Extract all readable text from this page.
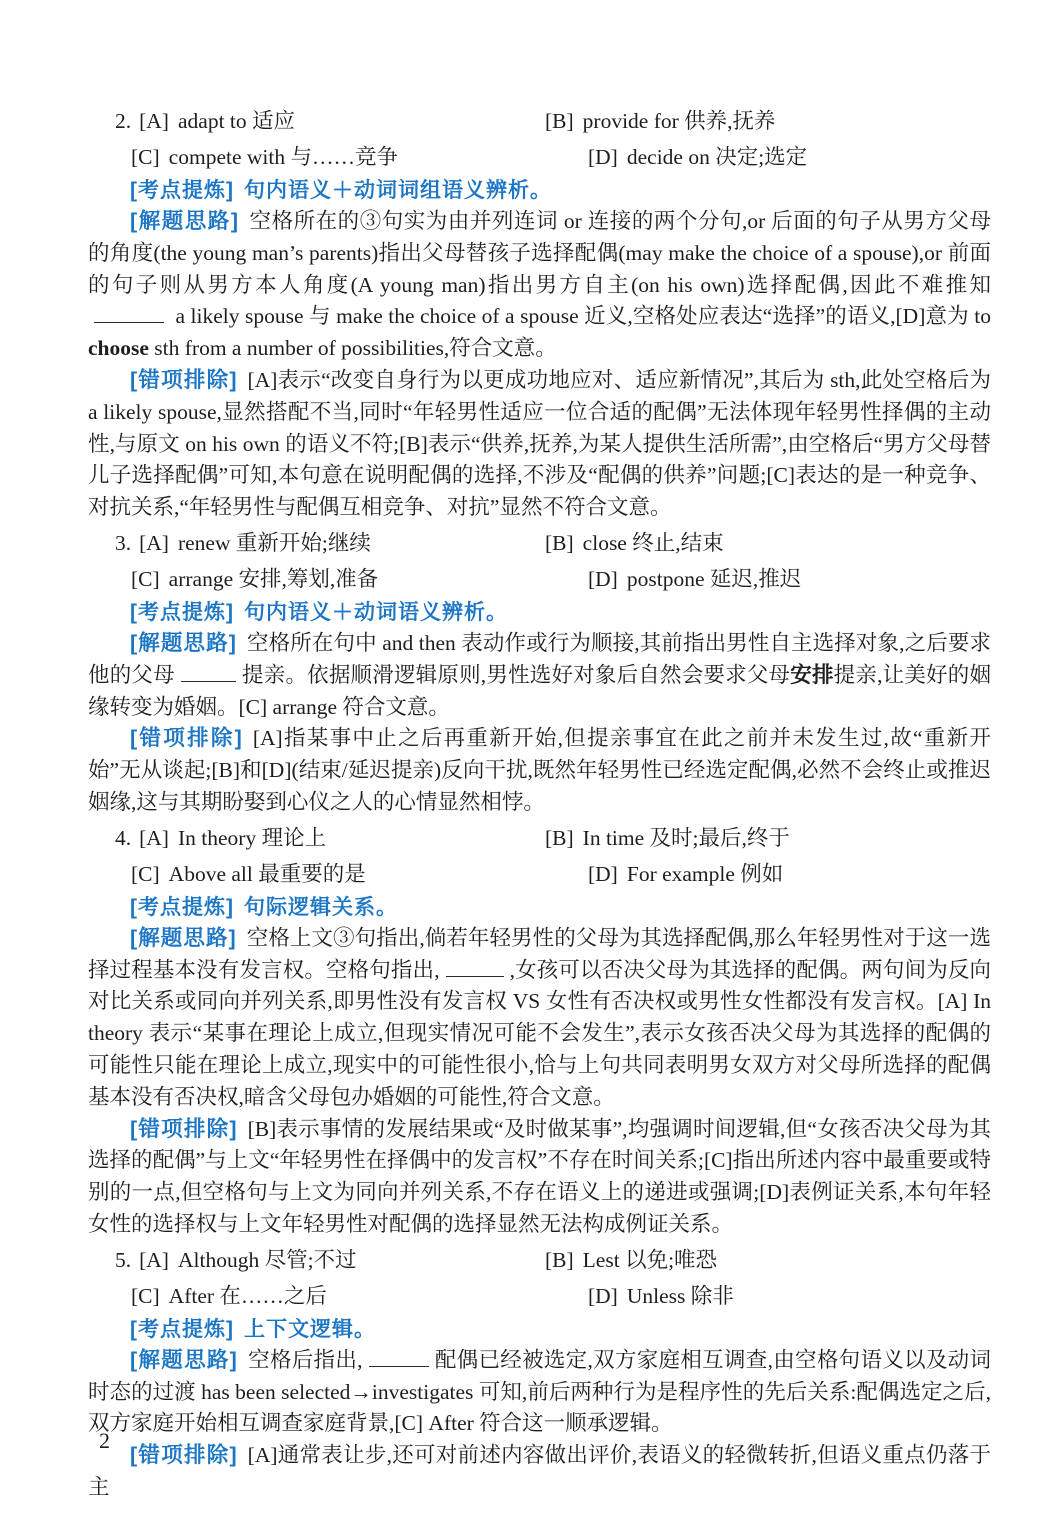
2. [A] adapt to 适应	[B] provide for 供养,抚养
[C] compete with 与……竞争	[D] decide on 决定;选定

[考点提炼] 句内语义＋动词词组语义辨析。

[解题思路] 空格所在的③句实为由并列连词 or 连接的两个分句,or 后面的句子从男方父母的角度(the young man’s parents)指出父母替孩子选择配偶(may make the choice of a spouse),or 前面的句子则从男方本人角度(A young man)指出男方自主(on his own)选择配偶,因此不难推知 a likely spouse 与 make the choice of a spouse 近义,空格处应表达“选择”的语义,[D]意为 to choose sth from a number of possibilities,符合文意。

[错项排除] [A]表示“改变自身行为以更成功地应对、适应新情况”,其后为 sth,此处空格后为 a likely spouse,显然搭配不当,同时“年轻男性适应一位合适的配偶”无法体现年轻男性择偶的主动性,与原文 on his own 的语义不符;[B]表示“供养,抚养,为某人提供生活所需”,由空格后“男方父母替儿子选择配偶”可知,本句意在说明配偶的选择,不涉及“配偶的供养”问题;[C]表达的是一种竞争、对抗关系,“年轻男性与配偶互相竞争、对抗”显然不符合文意。

3. [A] renew 重新开始;继续	[B] close 终止,结束
[C] arrange 安排,筹划,准备	[D] postpone 延迟,推迟

[考点提炼] 句内语义＋动词语义辨析。

[解题思路] 空格所在句中 and then 表动作或行为顺接,其前指出男性自主选择对象,之后要求他的父母	提亲。依据顺滑逻辑原则,男性选好对象后自然会要求父母安排提亲,让美好的姻缘转变为婚姻。[C] arrange 符合文意。

[错项排除] [A]指某事中止之后再重新开始,但提亲事宜在此之前并未发生过,故“重新开始”无从谈起;[B]和[D](结束/延迟提亲)反向干扰,既然年轻男性已经选定配偶,必然不会终止或推迟姻缘,这与其期盼娶到心仪之人的心情显然相悖。

4. [A] In theory 理论上	[B] In time 及时;最后,终于
[C] Above all 最重要的是	[D] For example 例如

[考点提炼] 句际逻辑关系。

[解题思路] 空格上文③句指出,倘若年轻男性的父母为其选择配偶,那么年轻男性对于这一选择过程基本没有发言权。空格句指出,	,女孩可以否决父母为其选择的配偶。两句间为反向对比关系或同向并列关系,即男性没有发言权 VS 女性有否决权或男性女性都没有发言权。[A] In theory 表示“某事在理论上成立,但现实情况可能不会发生”,表示女孩否决父母为其选择的配偶的可能性只能在理论上成立,现实中的可能性很小,恰与上句共同表明男女双方对父母所选择的配偶基本没有否决权,暗含父母包办婚姻的可能性,符合文意。

[错项排除] [B]表示事情的发展结果或“及时做某事”,均强调时间逻辑,但“女孩否决父母为其选择的配偶”与上文“年轻男性在择偶中的发言权”不存在时间关系;[C]指出所述内容中最重要或特别的一点,但空格句与上文为同向并列关系,不存在语义上的递进或强调;[D]表例证关系,本句年轻女性的选择权与上文年轻男性对配偶的选择显然无法构成例证关系。

5. [A] Although 尽管;不过	[B] Lest 以免;唯恐
[C] After 在……之后	[D] Unless 除非

[考点提炼] 上下文逻辑。

[解题思路] 空格后指出,	配偶已经被选定,双方家庭相互调查,由空格句语义以及动词时态的过渡 has been selected→investigates 可知,前后两种行为是程序性的先后关系:配偶选定之后,双方家庭开始相互调查家庭背景,[C] After 符合这一顺承逻辑。

[错项排除] [A]通常表让步,还可对前述内容做出评价,表语义的轻微转折,但语义重点仍落于主

2
